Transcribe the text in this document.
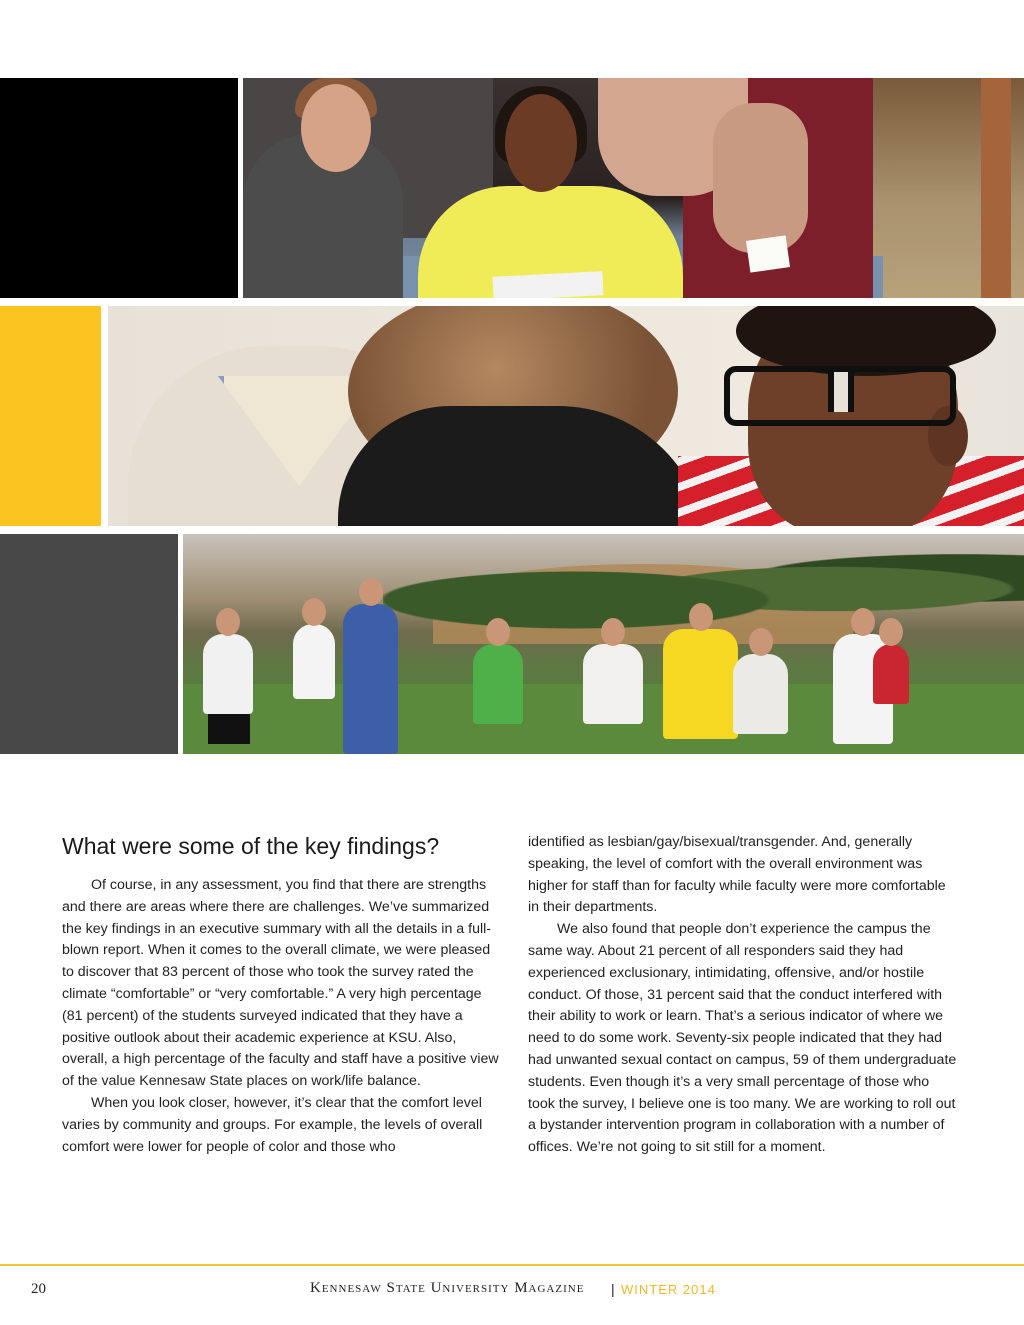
What were some of the key findings?

Of course, in any assessment, you find that there are strengths and there are areas where there are challenges. We’ve summarized the key findings in an executive summary with all the details in a full-blown report. When it comes to the overall climate, we were pleased to discover that 83 percent of those who took the survey rated the climate “comfortable” or “very comfortable.” A very high percentage (81 percent) of the students surveyed indicated that they have a positive outlook about their academic experience at KSU. Also, overall, a high percentage of the faculty and staff have a positive view of the value Kennesaw State places on work/life balance.

When you look closer, however, it’s clear that the comfort level varies by community and groups. For example, the levels of overall comfort were lower for people of color and those who

identified as lesbian/gay/bisexual/transgender. And, generally speaking, the level of comfort with the overall environment was higher for staff than for faculty while faculty were more comfortable in their departments.

We also found that people don’t experience the campus the same way. About 21 percent of all responders said they had experienced exclusionary, intimidating, offensive, and/or hostile conduct. Of those, 31 percent said that the conduct interfered with their ability to work or learn. That’s a serious indicator of where we need to do some work. Seventy-six people indicated that they had had unwanted sexual contact on campus, 59 of them undergraduate students. Even though it’s a very small percentage of those who took the survey, I believe one is too many. We are working to roll out a bystander intervention program in collaboration with a number of offices. We’re not going to sit still for a moment.

20	Kennesaw State University Magazine | WINTER 2014
